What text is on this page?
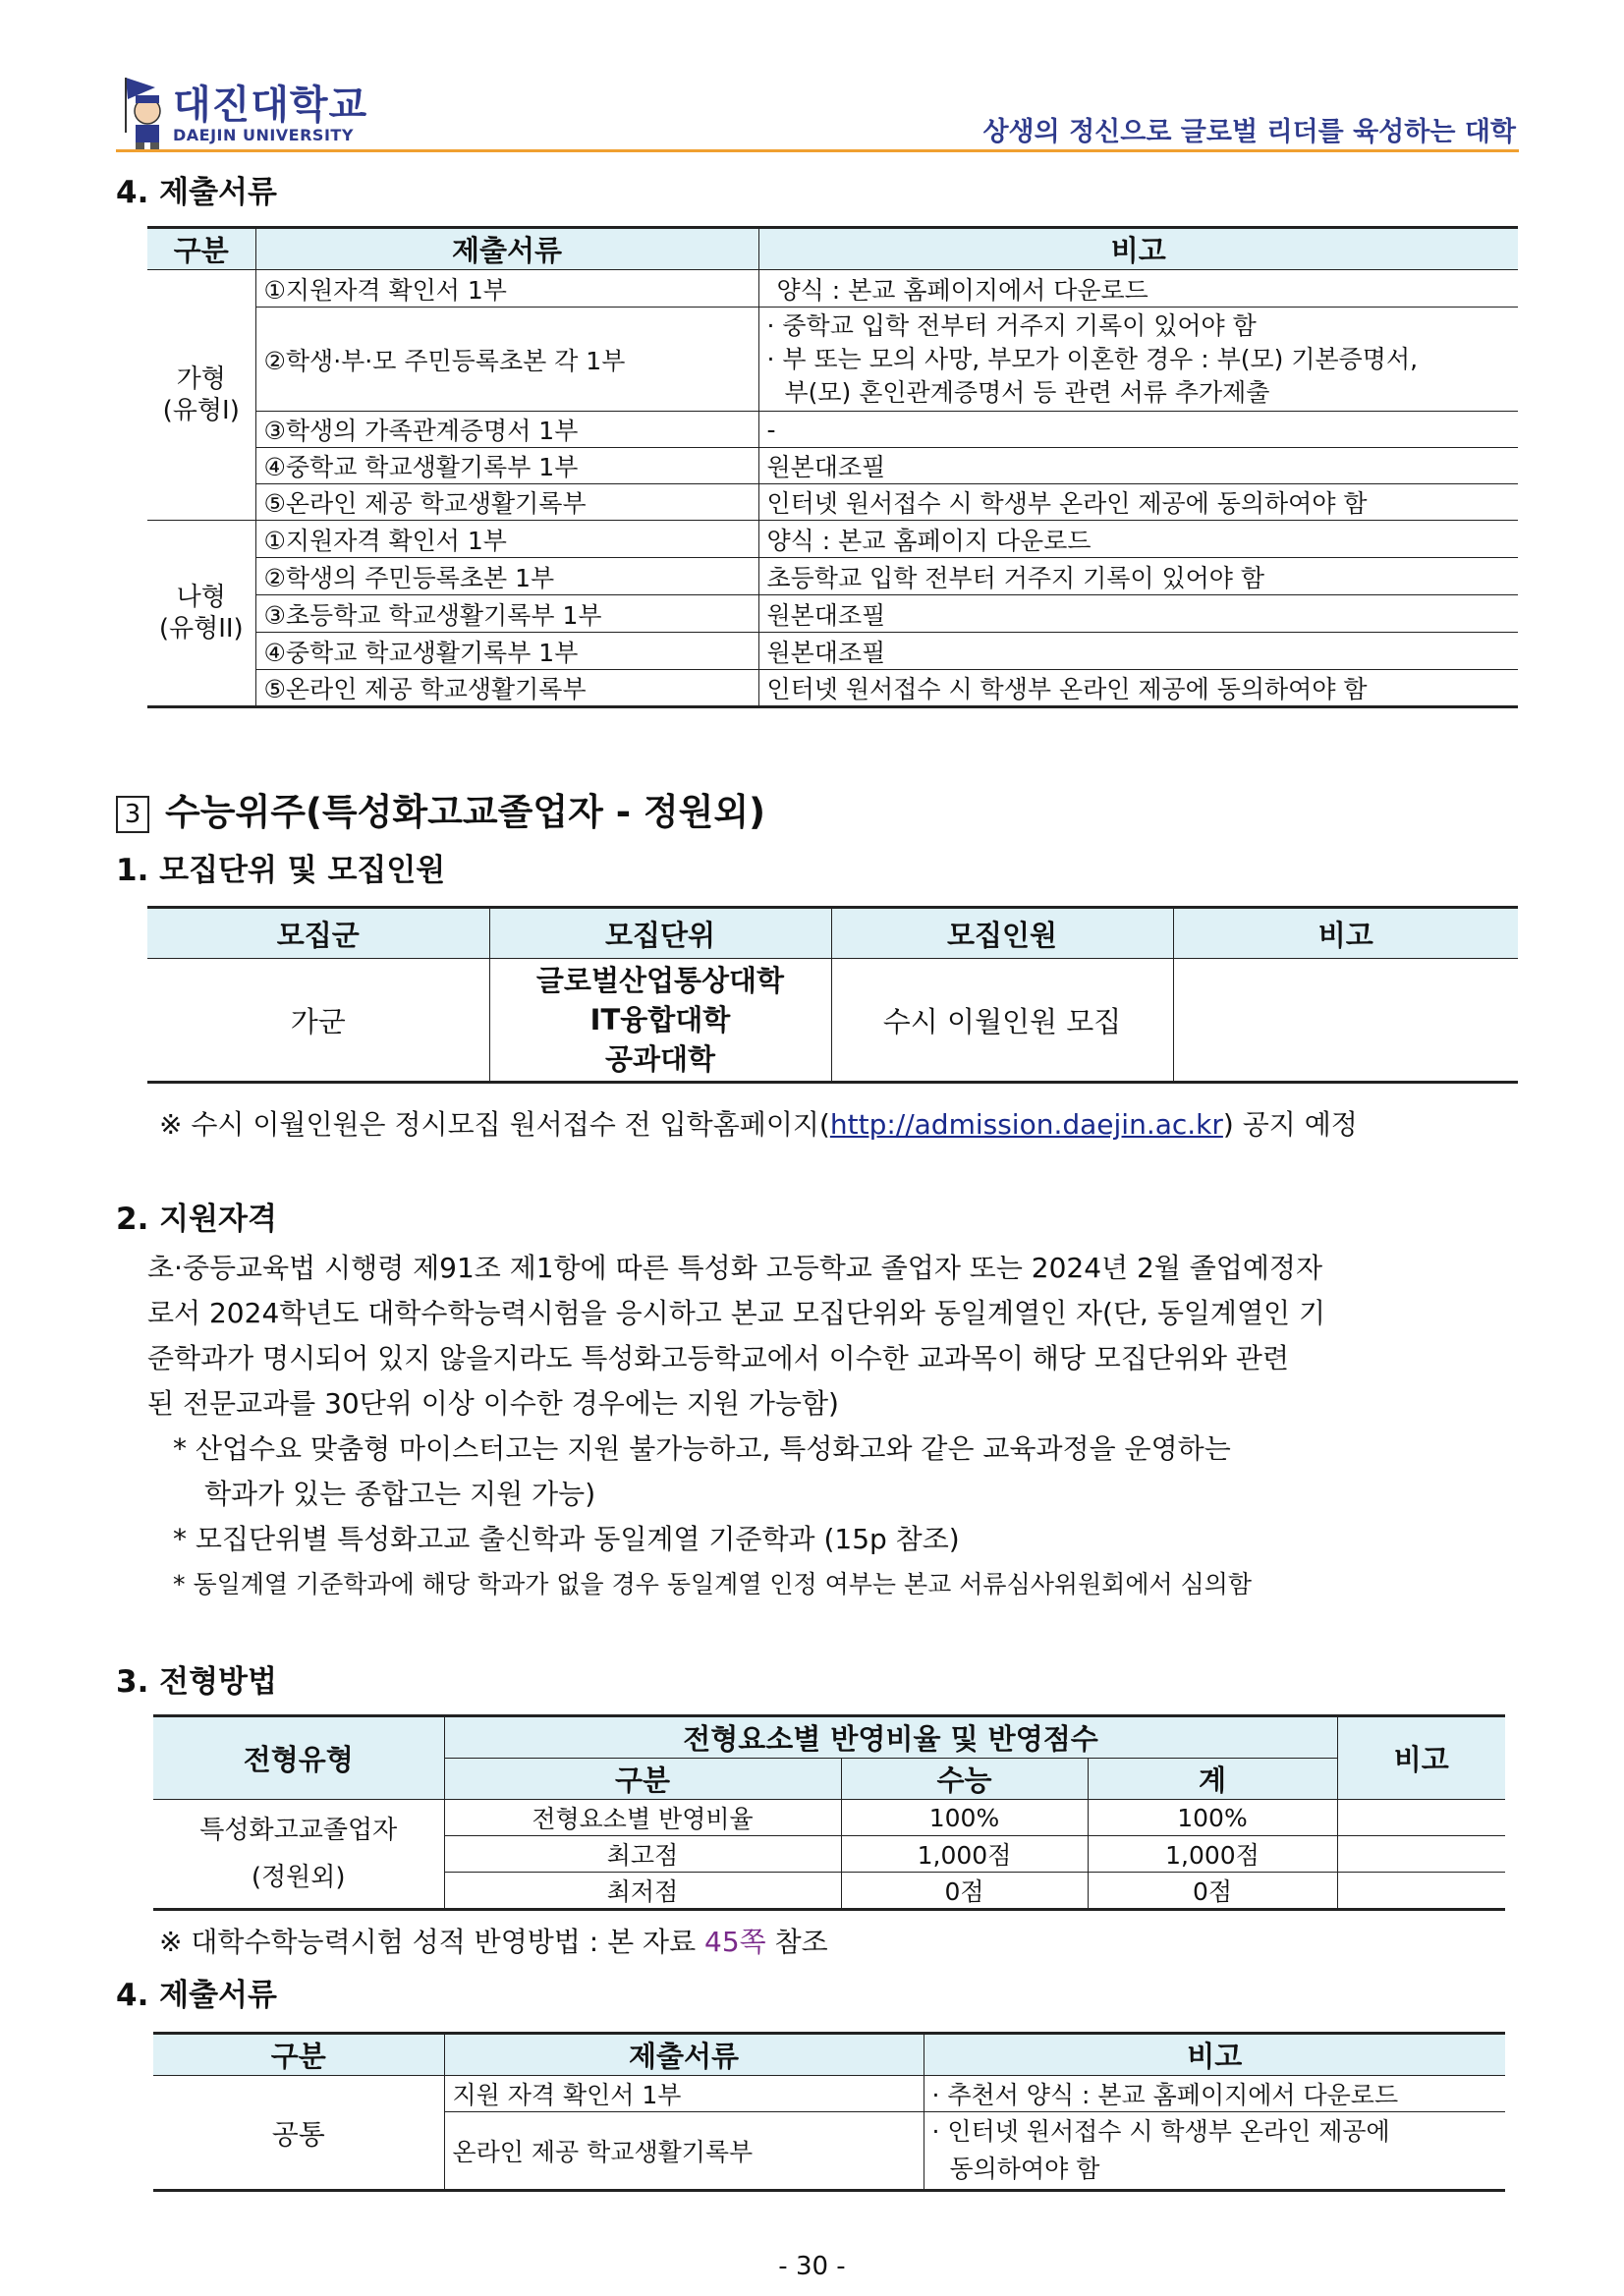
대진대학교
DAEJIN UNIVERSITY	상생의 정신으로 글로벌 리더를 육성하는 대학
4. 제출서류
구분	제출서류	비고

가형
(유형I)	①지원자격 확인서 1부	양식 : 본교 홈페이지에서 다운로드
	②학생·부·모 주민등록초본 각 1부	· 중학교 입학 전부터 거주지 기록이 있어야 함
· 부 또는 모의 사망, 부모가 이혼한 경우 : 부(모) 기본증명서,
부(모) 혼인관계증명서 등 관련 서류 추가제출

	③학생의 가족관계증명서 1부	-
	④중학교 학교생활기록부 1부	원본대조필
	⑤온라인 제공 학교생활기록부	인터넷 원서접수 시 학생부 온라인 제공에 동의하여야 함

나형
(유형II)	①지원자격 확인서 1부	양식 : 본교 홈페이지 다운로드
	②학생의 주민등록초본 1부	초등학교 입학 전부터 거주지 기록이 있어야 함
	③초등학교 학교생활기록부 1부	원본대조필
	④중학교 학교생활기록부 1부	원본대조필
	⑤온라인 제공 학교생활기록부	인터넷 원서접수 시 학생부 온라인 제공에 동의하여야 함
3 수능위주(특성화고교졸업자 - 정원외)
1. 모집단위 및 모집인원
모집군	모집단위	모집인원	비고
가군	글로벌산업통상대학
IT융합대학
공과대학	수시 이월인원 모집	
※ 수시 이월인원은 정시모집 원서접수 전 입학홈페이지(http://admission.daejin.ac.kr) 공지 예정
2. 지원자격
초·중등교육법 시행령 제91조 제1항에 따른 특성화 고등학교 졸업자 또는 2024년 2월 졸업예정자
로서 2024학년도 대학수학능력시험을 응시하고 본교 모집단위와 동일계열인 자(단, 동일계열인 기
준학과가 명시되어 있지 않을지라도 특성화고등학교에서 이수한 교과목이 해당 모집단위와 관련
된 전문교과를 30단위 이상 이수한 경우에는 지원 가능함)
* 산업수요 맞춤형 마이스터고는 지원 불가능하고, 특성화고와 같은 교육과정을 운영하는
학과가 있는 종합고는 지원 가능)
* 모집단위별 특성화고교 출신학과 동일계열 기준학과 (15p 참조)
* 동일계열 기준학과에 해당 학과가 없을 경우 동일계열 인정 여부는 본교 서류심사위원회에서 심의함
3. 전형방법
전형유형	전형요소별 반영비율 및 반영점수			비고
	구분	수능	계	

특성화고교졸업자
(정원외)	전형요소별 반영비율	100%	100%	
	최고점	1,000점	1,000점	
	최저점	0점	0점	
※ 대학수학능력시험 성적 반영방법 : 본 자료 45쪽 참조
4. 제출서류
구분	제출서류	비고
공통	지원 자격 확인서 1부	· 추천서 양식 : 본교 홈페이지에서 다운로드
	온라인 제공 학교생활기록부	· 인터넷 원서접수 시 학생부 온라인 제공에
동의하여야 함
- 30 -
